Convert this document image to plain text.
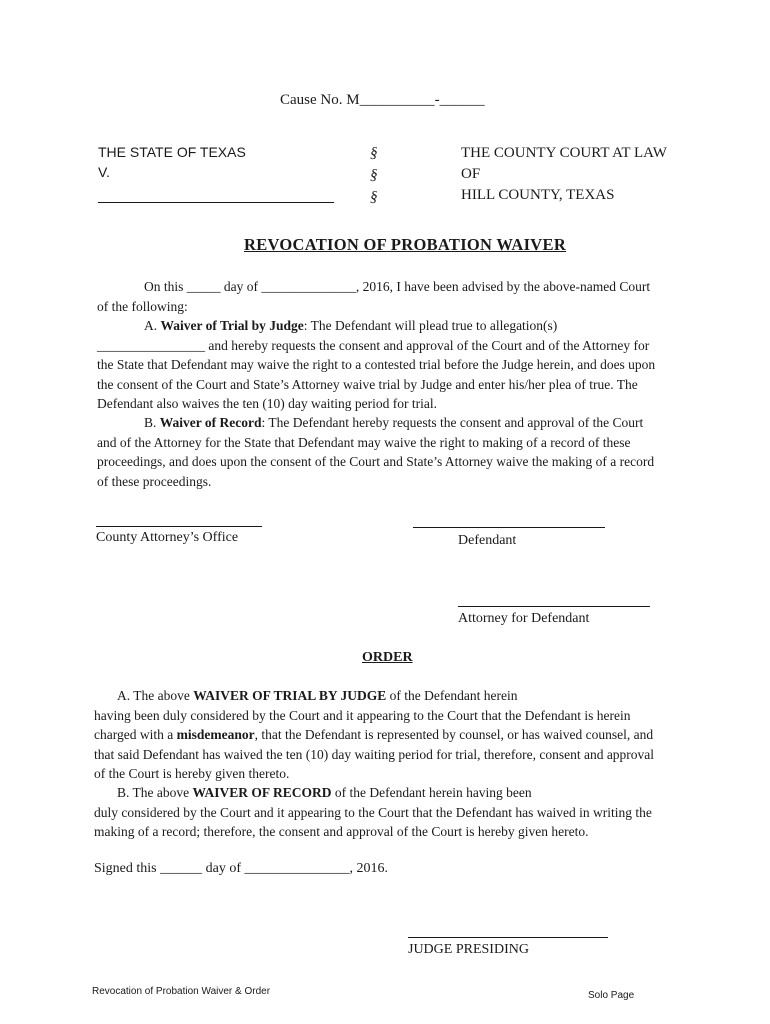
Cause No. M__________-______
THE STATE OF TEXAS
V.
§
§
§
THE COUNTY COURT AT LAW
OF
HILL COUNTY, TEXAS
REVOCATION OF PROBATION WAIVER

On this _____ day of ______________, 2016, I have been advised by the above-named Court

of the following:

A. Waiver of Trial by Judge: The Defendant will plead true to allegation(s)

________________ and hereby requests the consent and approval of the Court and of the Attorney for

the State that Defendant may waive the right to a contested trial before the Judge herein, and does upon

the consent of the Court and State’s Attorney waive trial by Judge and enter his/her plea of true. The

Defendant also waives the ten (10) day waiting period for trial.

B. Waiver of Record: The Defendant hereby requests the consent and approval of the Court

and of the Attorney for the State that Defendant may waive the right to making of a record of these

proceedings, and does upon the consent of the Court and State’s Attorney waive the making of a record

of these proceedings.

County Attorney’s Office	Defendant
Attorney for Defendant
ORDER

A. The above WAIVER OF TRIAL BY JUDGE of the Defendant herein

having been duly considered by the Court and it appearing to the Court that the Defendant is herein

charged with a misdemeanor, that the Defendant is represented by counsel, or has waived counsel, and

that said Defendant has waived the ten (10) day waiting period for trial, therefore, consent and approval

of the Court is hereby given thereto.

B. The above WAIVER OF RECORD of the Defendant herein having been

duly considered by the Court and it appearing to the Court that the Defendant has waived in writing the

making of a record; therefore, the consent and approval of the Court is hereby given hereto.

Signed this ______ day of _______________, 2016.
JUDGE PRESIDING
Revocation of Probation Waiver & Order	Solo Page
